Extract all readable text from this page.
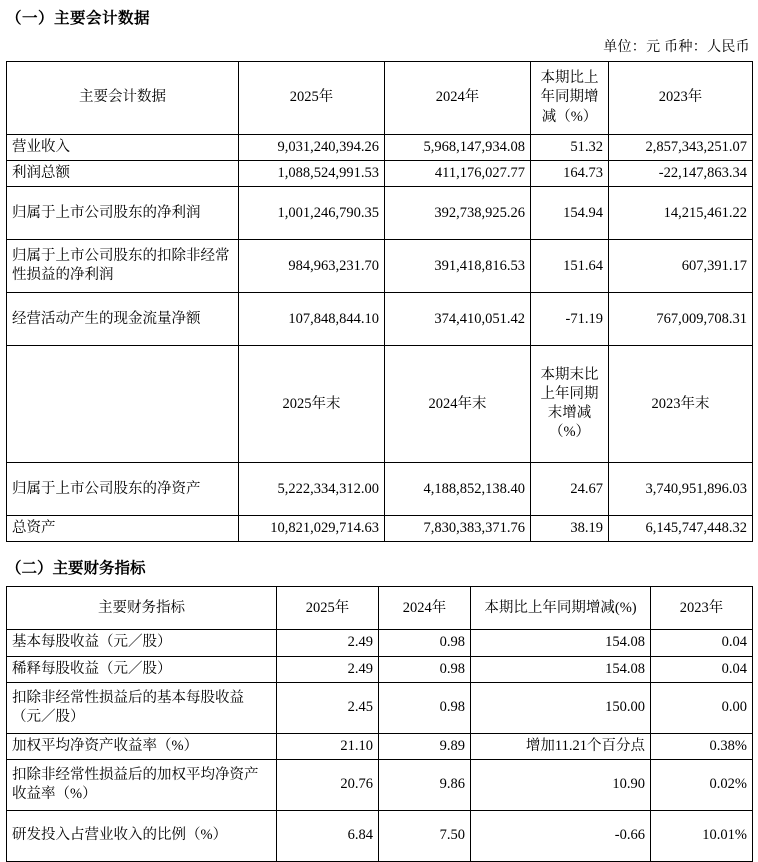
（一）主要会计数据
单位：元 币种：人民币
主要会计数据	2025年	2024年	本期比上年同期增减（%）	2023年
营业收入	9,031,240,394.26	5,968,147,934.08	51.32	2,857,343,251.07
利润总额	1,088,524,991.53	411,176,027.77	164.73	-22,147,863.34
归属于上市公司股东的净利润	1,001,246,790.35	392,738,925.26	154.94	14,215,461.22
归属于上市公司股东的扣除非经常性损益的净利润	984,963,231.70	391,418,816.53	151.64	607,391.17
经营活动产生的现金流量净额	107,848,844.10	374,410,051.42	-71.19	767,009,708.31
	2025年末	2024年末	本期末比上年同期末增减（%）	2023年末
归属于上市公司股东的净资产	5,222,334,312.00	4,188,852,138.40	24.67	3,740,951,896.03
总资产	10,821,029,714.63	7,830,383,371.76	38.19	6,145,747,448.32
（二）主要财务指标
主要财务指标	2025年	2024年	本期比上年同期增减(%)	2023年
基本每股收益（元／股）	2.49	0.98	154.08	0.04
稀释每股收益（元／股）	2.49	0.98	154.08	0.04
扣除非经常性损益后的基本每股收益（元／股）	2.45	0.98	150.00	0.00
加权平均净资产收益率（%）	21.10	9.89	增加11.21个百分点	0.38%
扣除非经常性损益后的加权平均净资产收益率（%）	20.76	9.86	10.90	0.02%
研发投入占营业收入的比例（%）	6.84	7.50	-0.66	10.01%
